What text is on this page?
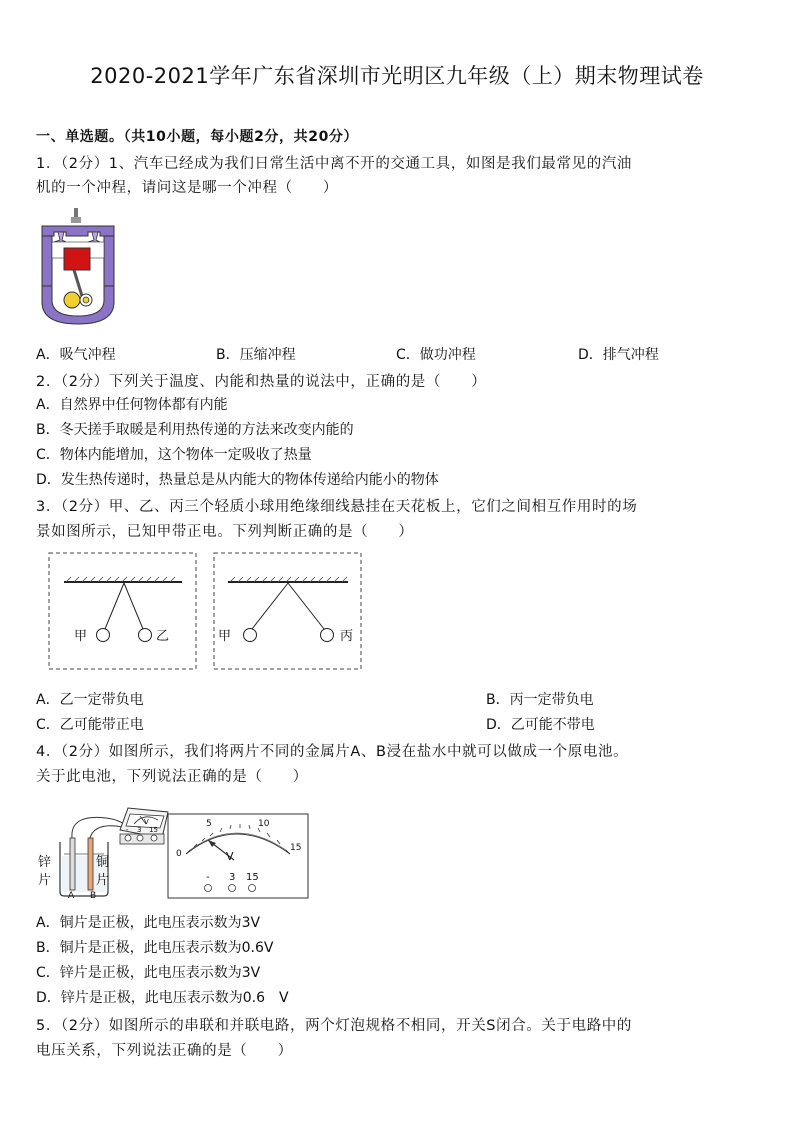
2020-2021学年广东省深圳市光明区九年级（上）期末物理试卷
一、单选题。（共10小题，每小题2分，共20分）
1．（2分）1、汽车已经成为我们日常生活中离不开的交通工具，如图是我们最常见的汽油
机的一个冲程，请问这是哪一个冲程（　　）
A．吸气冲程	B．压缩冲程	C．做功冲程	D．排气冲程
2．（2分）下列关于温度、内能和热量的说法中，正确的是（　　）
A．自然界中任何物体都有内能
B．冬天搓手取暖是利用热传递的方法来改变内能的
C．物体内能增加，这个物体一定吸收了热量
D．发生热传递时，热量总是从内能大的物体传递给内能小的物体
3．（2分）甲、乙、丙三个轻质小球用绝缘细线悬挂在天花板上，它们之间相互作用时的场
景如图所示，已知甲带正电。下列判断正确的是（　　）
甲	乙	甲	丙
A．乙一定带负电	B．丙一定带负电
C．乙可能带正电	D．乙可能不带电
4．（2分）如图所示，我们将两片不同的金属片A、B浸在盐水中就可以做成一个原电池。
关于此电池，下列说法正确的是（　　）
V
- 3 15
锌
片
A B
铜
片
0
5	10
15
V
- 3 15
A．铜片是正极，此电压表示数为3V
B．铜片是正极，此电压表示数为0.6V
C．锌片是正极，此电压表示数为3V
D．锌片是正极，此电压表示数为0.6　V
5．（2分）如图所示的串联和并联电路，两个灯泡规格不相同，开关S闭合。关于电路中的
电压关系，下列说法正确的是（　　）
